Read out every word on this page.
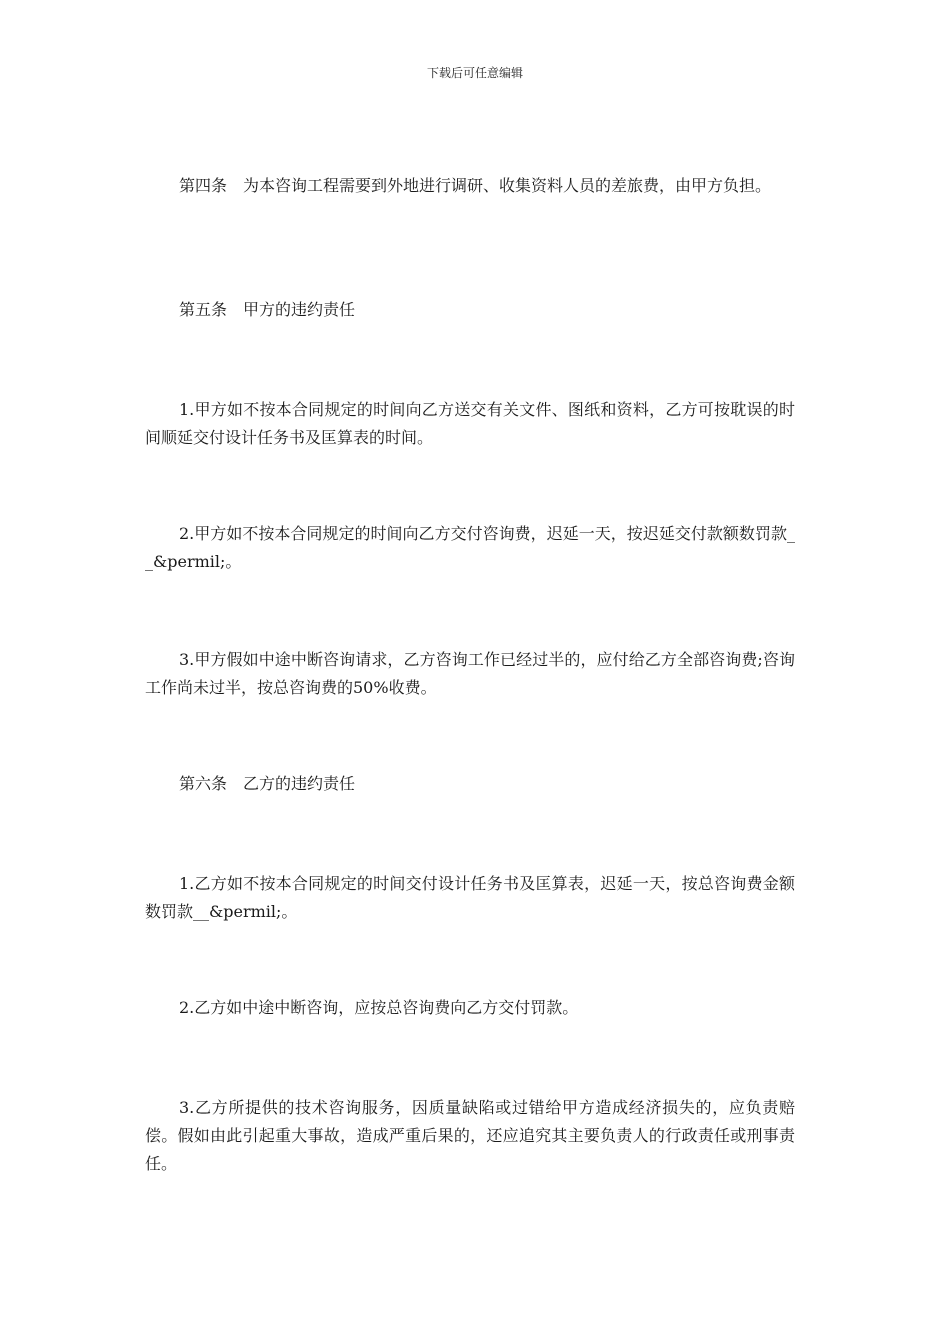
下载后可任意编辑

第四条　为本咨询工程需要到外地进行调研、收集资料人员的差旅费，由甲方负担。

第五条　甲方的违约责任

1.甲方如不按本合同规定的时间向乙方送交有关文件、图纸和资料，乙方可按耽误的时间顺延交付设计任务书及匡算表的时间。

2.甲方如不按本合同规定的时间向乙方交付咨询费，迟延一天，按迟延交付款额数罚款__&permil;。

3.甲方假如中途中断咨询请求，乙方咨询工作已经过半的，应付给乙方全部咨询费;咨询工作尚未过半，按总咨询费的50%收费。

第六条　乙方的违约责任

1.乙方如不按本合同规定的时间交付设计任务书及匡算表，迟延一天，按总咨询费金额数罚款__&permil;。

2.乙方如中途中断咨询，应按总咨询费向乙方交付罚款。

3.乙方所提供的技术咨询服务，因质量缺陷或过错给甲方造成经济损失的，应负责赔偿。假如由此引起重大事故，造成严重后果的，还应追究其主要负责人的行政责任或刑事责任。
